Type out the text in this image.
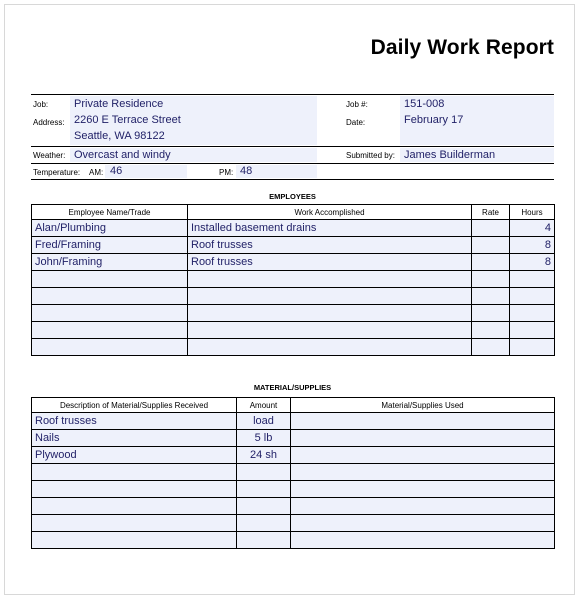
Daily Work Report
Job: Private Residence
Address: 2260 E Terrace Street
Seattle, WA 98122
Job #:	151-008
Date:	February 17
Weather: Overcast and windy	Submitted by: James Builderman
Temperature: AM: 46	PM: 48
EMPLOYEES
Employee Name/Trade	Work Accomplished	Rate	Hours
Alan/Plumbing	Installed basement drains		4
Fred/Framing	Roof trusses		8
John/Framing	Roof trusses		8

MATERIAL/SUPPLIES
Description of Material/Supplies Received	Amount	Material/Supplies Used
Roof trusses	load	
Nails	5 lb	
Plywood	24 sh	
